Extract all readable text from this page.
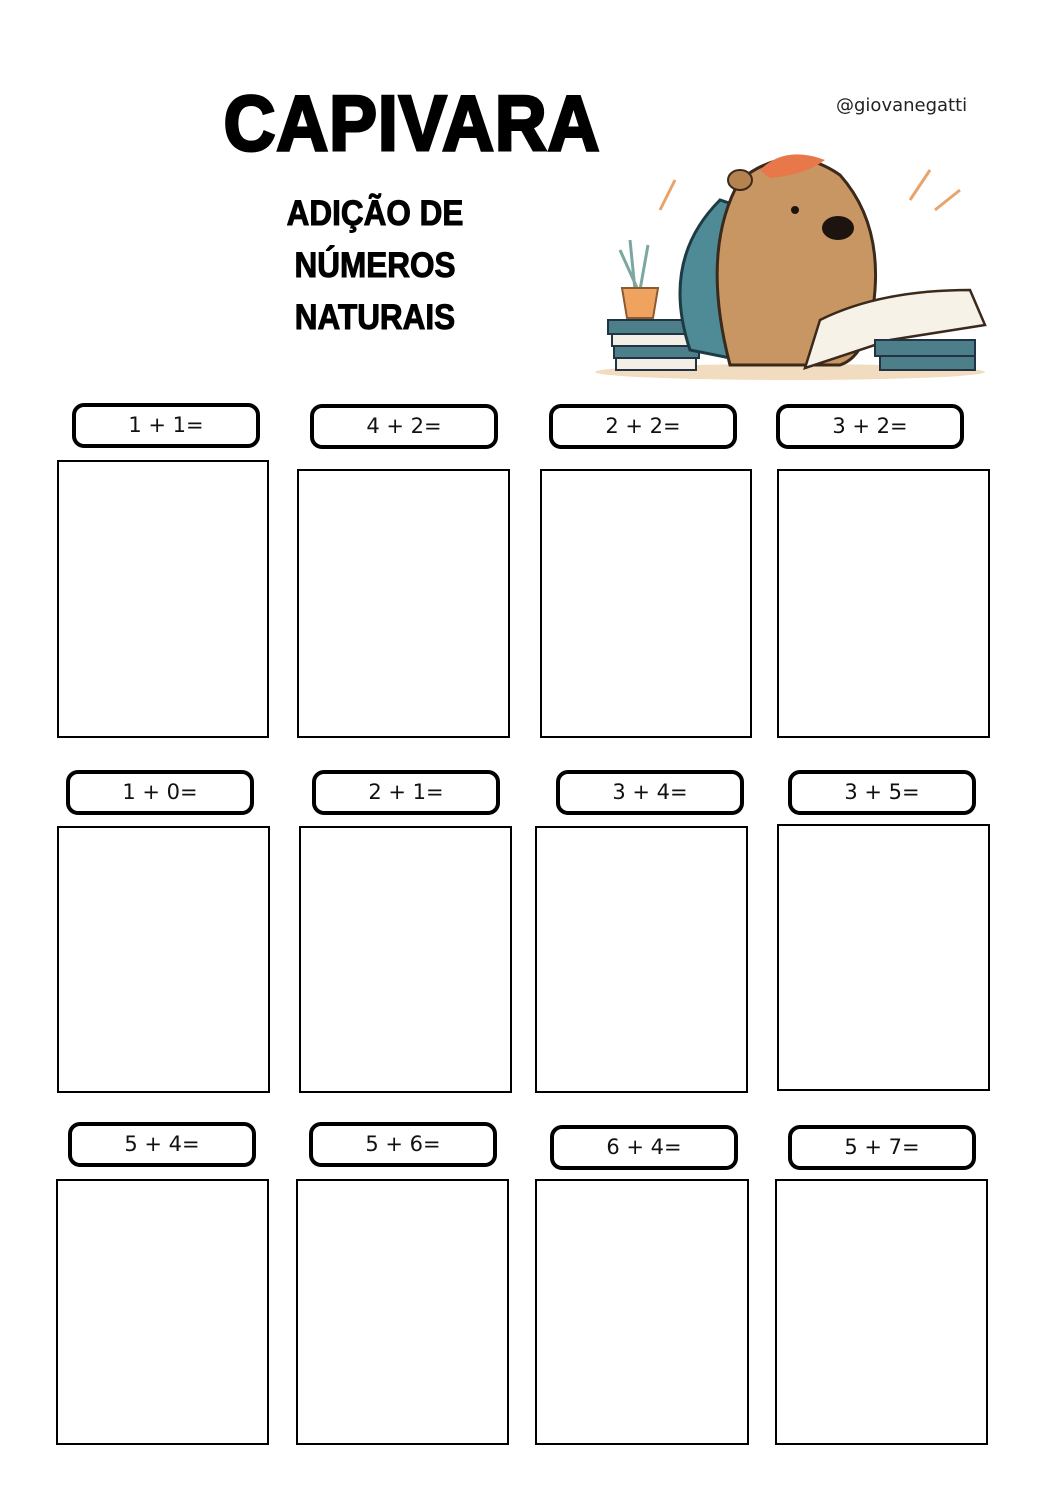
CAPIVARA
ADIÇÃO DE NÚMEROS
NATURAIS
@giovanegatti
1 + 1=	4 + 2=	2 + 2=	3 + 2=
1 + 0=	2 + 1=	3 + 4=	3 + 5=
5 + 4=	5 + 6=	6 + 4=	5 + 7=
